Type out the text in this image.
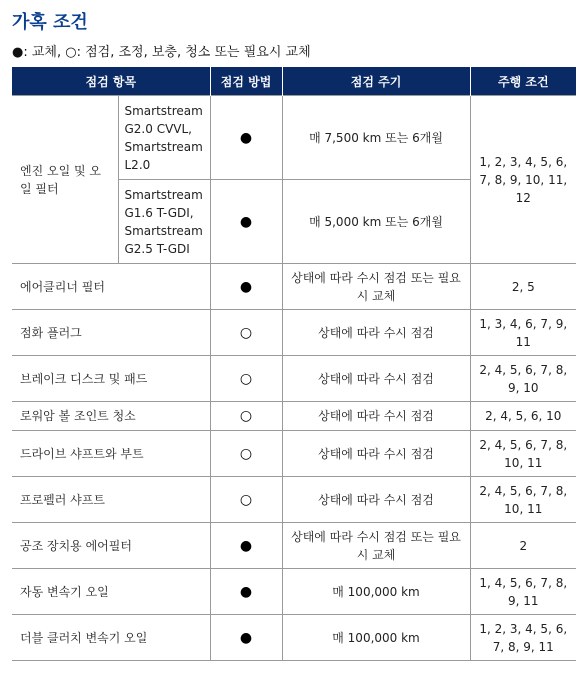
가혹 조건
●: 교체, ○: 점검, 조정, 보충, 청소 또는 필요시 교체
점검 항목		점검 방법	점검 주기	주행 조건
엔진 오일 및 오일 필터	Smartstream G2.0 CVVL, Smartstream L2.0	●	매 7,500 km 또는 6개월	1, 2, 3, 4, 5, 6, 7, 8, 9, 10, 11, 12
	Smartstream G1.6 T-GDI, Smartstream G2.5 T-GDI	●	매 5,000 km 또는 6개월	
에어클리너 필터		●	상태에 따라 수시 점검 또는 필요시 교체	2, 5
점화 플러그		○	상태에 따라 수시 점검	1, 3, 4, 6, 7, 9, 11
브레이크 디스크 및 패드		○	상태에 따라 수시 점검	2, 4, 5, 6, 7, 8, 9, 10
로워암 볼 조인트 청소		○	상태에 따라 수시 점검	2, 4, 5, 6, 10
드라이브 샤프트와 부트		○	상태에 따라 수시 점검	2, 4, 5, 6, 7, 8, 10, 11
프로펠러 샤프트		○	상태에 따라 수시 점검	2, 4, 5, 6, 7, 8, 10, 11
공조 장치용 에어필터		●	상태에 따라 수시 점검 또는 필요시 교체	2
자동 변속기 오일		●	매 100,000 km	1, 4, 5, 6, 7, 8, 9, 11
더블 클러치 변속기 오일		●	매 100,000 km	1, 2, 3, 4, 5, 6, 7, 8, 9, 11
